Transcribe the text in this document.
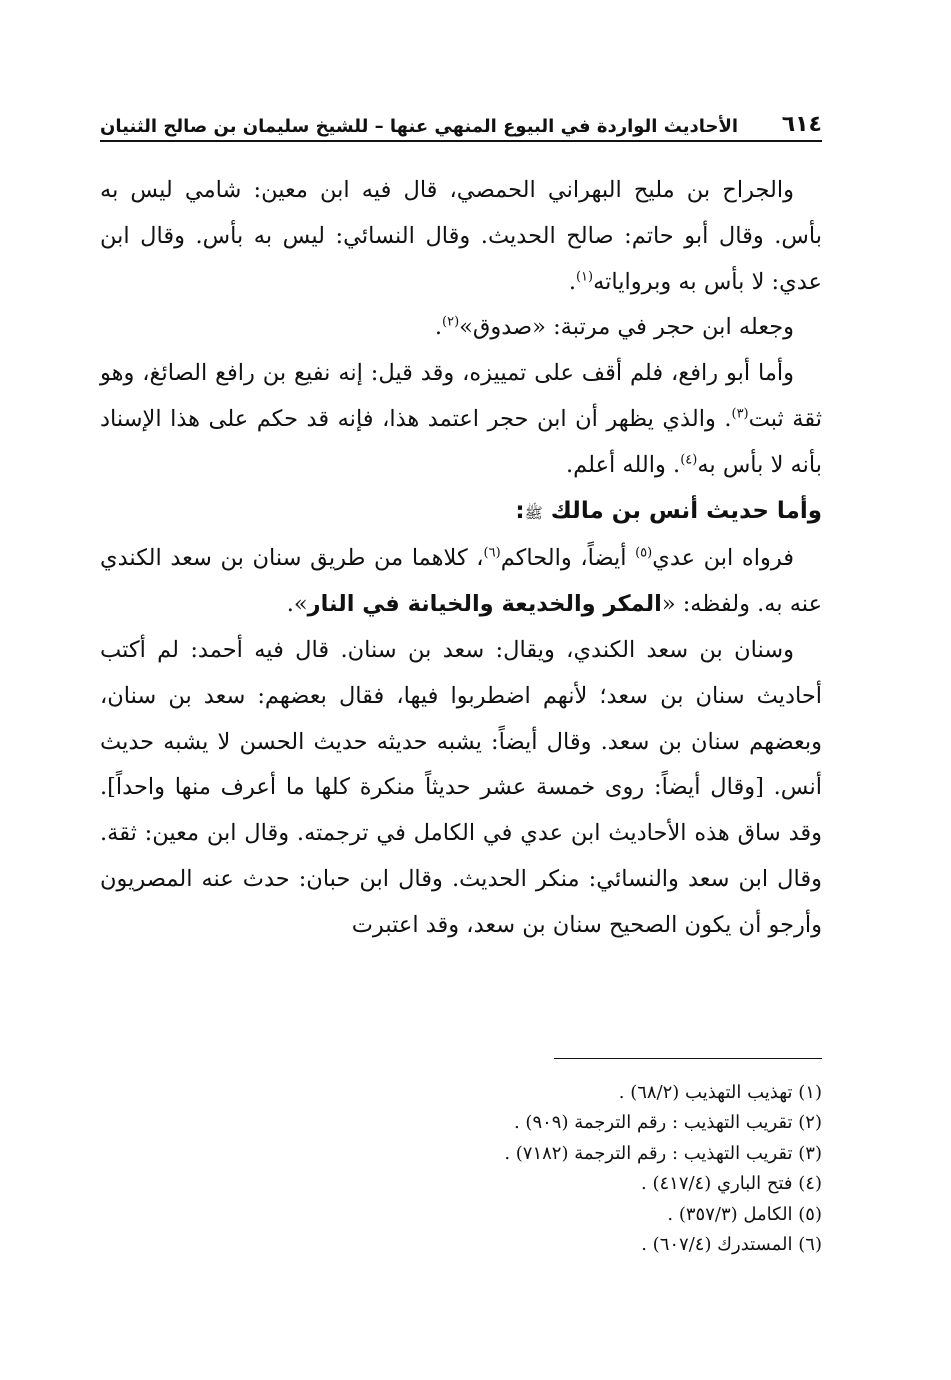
٦١٤
الأحاديث الواردة في البيوع المنهي عنها – للشيخ سليمان بن صالح الثنيان

والجراح بن مليح البهراني الحمصي، قال فيه ابن معين: شامي ليس به بأس. وقال أبو حاتم: صالح الحديث. وقال النسائي: ليس به بأس. وقال ابن عدي: لا بأس به وبرواياته$^{(١)}$.

وجعله ابن حجر في مرتبة: «صدوق»$^{(٢)}$.

وأما أبو رافع، فلم أقف على تمييزه، وقد قيل: إنه نفيع بن رافع الصائغ، وهو ثقة ثبت$^{(٣)}$. والذي يظهر أن ابن حجر اعتمد هذا، فإنه قد حكم على هذا الإسناد بأنه لا بأس به$^{(٤)}$. والله أعلم.

وأما حديث أنس بن مالك ﷺ:

فرواه ابن عدي$^{(٥)}$ أيضاً، والحاكم$^{(٦)}$، كلاهما من طريق سنان بن سعد الكندي عنه به. ولفظه: «المكر والخديعة والخيانة في النار».

وسنان بن سعد الكندي، ويقال: سعد بن سنان. قال فيه أحمد: لم أكتب أحاديث سنان بن سعد؛ لأنهم اضطربوا فيها، فقال بعضهم: سعد بن سنان، وبعضهم سنان بن سعد. وقال أيضاً: يشبه حديثه حديث الحسن لا يشبه حديث أنس. [وقال أيضاً: روى خمسة عشر حديثاً منكرة كلها ما أعرف منها واحداً]. وقد ساق هذه الأحاديث ابن عدي في الكامل في ترجمته. وقال ابن معين: ثقة. وقال ابن سعد والنسائي: منكر الحديث. وقال ابن حبان: حدث عنه المصريون وأرجو أن يكون الصحيح سنان بن سعد، وقد اعتبرت

(١) تهذيب التهذيب (٦٨/٢) .
(٢) تقريب التهذيب : رقم الترجمة (٩٠٩) .
(٣) تقريب التهذيب : رقم الترجمة (٧١٨٢) .
(٤) فتح الباري (٤١٧/٤) .
(٥) الكامل (٣٥٧/٣) .
(٦) المستدرك (٦٠٧/٤) .
